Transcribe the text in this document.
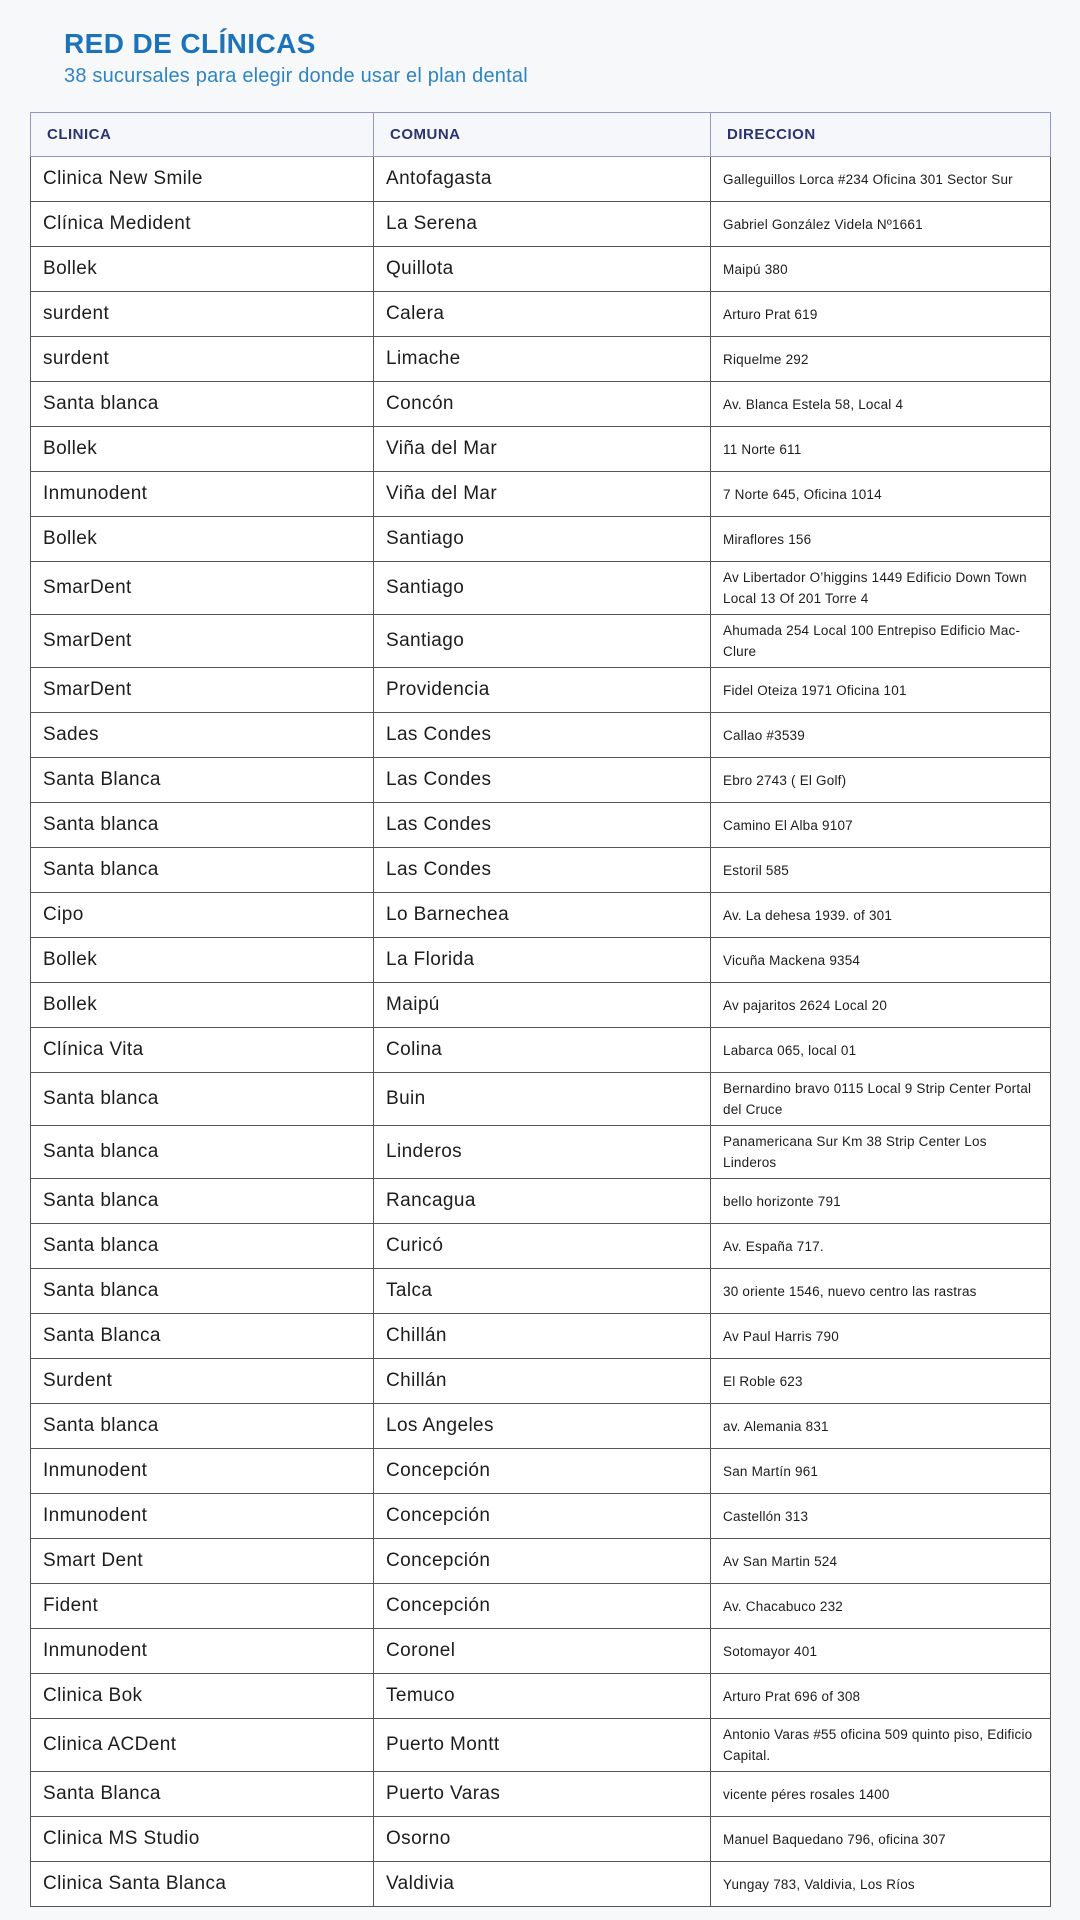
RED DE CLÍNICAS
38 sucursales para elegir donde usar el plan dental
CLINICA	COMUNA	DIRECCION
Clinica New Smile	Antofagasta	Galleguillos Lorca #234 Oficina 301 Sector Sur
Clínica Medident	La Serena	Gabriel González Videla Nº1661
Bollek	Quillota	Maipú 380
surdent	Calera	Arturo Prat 619
surdent	Limache	Riquelme 292
Santa blanca	Concón	Av. Blanca Estela 58, Local 4
Bollek	Viña del Mar	11 Norte 611
Inmunodent	Viña del Mar	7 Norte 645, Oficina 1014
Bollek	Santiago	Miraflores 156
SmarDent	Santiago	Av Libertador O’higgins 1449 Edificio Down Town Local 13 Of 201 Torre 4
SmarDent	Santiago	Ahumada 254 Local 100 Entrepiso Edificio Mac-Clure
SmarDent	Providencia	Fidel Oteiza 1971 Oficina 101
Sades	Las Condes	Callao #3539
Santa Blanca	Las Condes	Ebro 2743 ( El Golf)
Santa blanca	Las Condes	Camino El Alba 9107
Santa blanca	Las Condes	Estoril 585
Cipo	Lo Barnechea	Av. La dehesa 1939. of 301
Bollek	La Florida	Vicuña Mackena 9354
Bollek	Maipú	Av pajaritos 2624 Local 20
Clínica Vita	Colina	Labarca 065, local 01
Santa blanca	Buin	Bernardino bravo 0115 Local 9 Strip Center Portal del Cruce
Santa blanca	Linderos	Panamericana Sur Km 38 Strip Center Los Linderos
Santa blanca	Rancagua	bello horizonte 791
Santa blanca	Curicó	Av. España 717.
Santa blanca	Talca	30 oriente 1546, nuevo centro las rastras
Santa Blanca	Chillán	Av Paul Harris 790
Surdent	Chillán	El Roble 623
Santa blanca	Los Angeles	av. Alemania 831
Inmunodent	Concepción	San Martín 961
Inmunodent	Concepción	Castellón 313
Smart Dent	Concepción	Av San Martin 524
Fident	Concepción	Av. Chacabuco 232
Inmunodent	Coronel	Sotomayor 401
Clinica Bok	Temuco	Arturo Prat 696 of 308
Clinica ACDent	Puerto Montt	Antonio Varas #55 oficina 509 quinto piso, Edificio Capital.
Santa Blanca	Puerto Varas	vicente péres rosales 1400
Clinica MS Studio	Osorno	Manuel Baquedano 796, oficina 307
Clinica Santa Blanca	Valdivia	Yungay 783, Valdivia, Los Ríos
